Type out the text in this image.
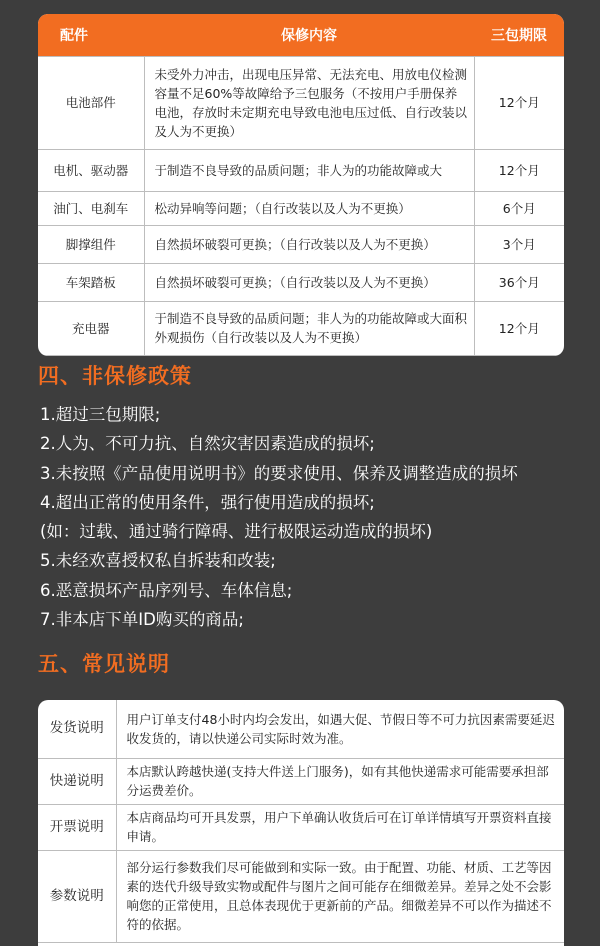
配件	保修内容	三包期限
电池部件	未受外力冲击，出现电压异常、无法充电、用放电仪检测容量不足60%等故障给予三包服务（不按用户手册保养电池，存放时未定期充电导致电池电压过低、自行改装以及人为不更换）	12个月
电机、驱动器	于制造不良导致的品质问题；非人为的功能故障或大	12个月
油门、电刹车	松动异响等问题；（自行改装以及人为不更换）	6个月
脚撑组件	自然损坏破裂可更换；（自行改装以及人为不更换）	3个月
车架踏板	自然损坏破裂可更换；（自行改装以及人为不更换）	36个月
充电器	于制造不良导致的品质问题；非人为的功能故障或大面积外观损伤（自行改装以及人为不更换）	12个月
四、非保修政策
1.超过三包期限;
2.人为、不可力抗、自然灾害因素造成的损坏;
3.未按照《产品使用说明书》的要求使用、保养及调整造成的损坏
4.超出正常的使用条件，强行使用造成的损坏;
(如：过载、通过骑行障碍、进行极限运动造成的损坏)
5.未经欢喜授权私自拆装和改装;
6.恶意损坏产品序列号、车体信息;
7.非本店下单ID购买的商品;
五、常见说明
发货说明	用户订单支付48小时内均会发出，如遇大促、节假日等不可力抗因素需要延迟收发货的，请以快递公司实际时效为准。
快递说明	本店默认跨越快递(支持大件送上门服务)，如有其他快递需求可能需要承担部分运费差价。
开票说明	本店商品均可开具发票，用户下单确认收货后可在订单详情填写开票资料直接申请。
参数说明	部分运行参数我们尽可能做到和实际一致。由于配置、功能、材质、工艺等因素的迭代升级导致实物或配件与图片之间可能存在细微差异。差异之处不会影响您的正常使用，且总体表现优于更新前的产品。细微差异不可以作为描述不符的依据。
